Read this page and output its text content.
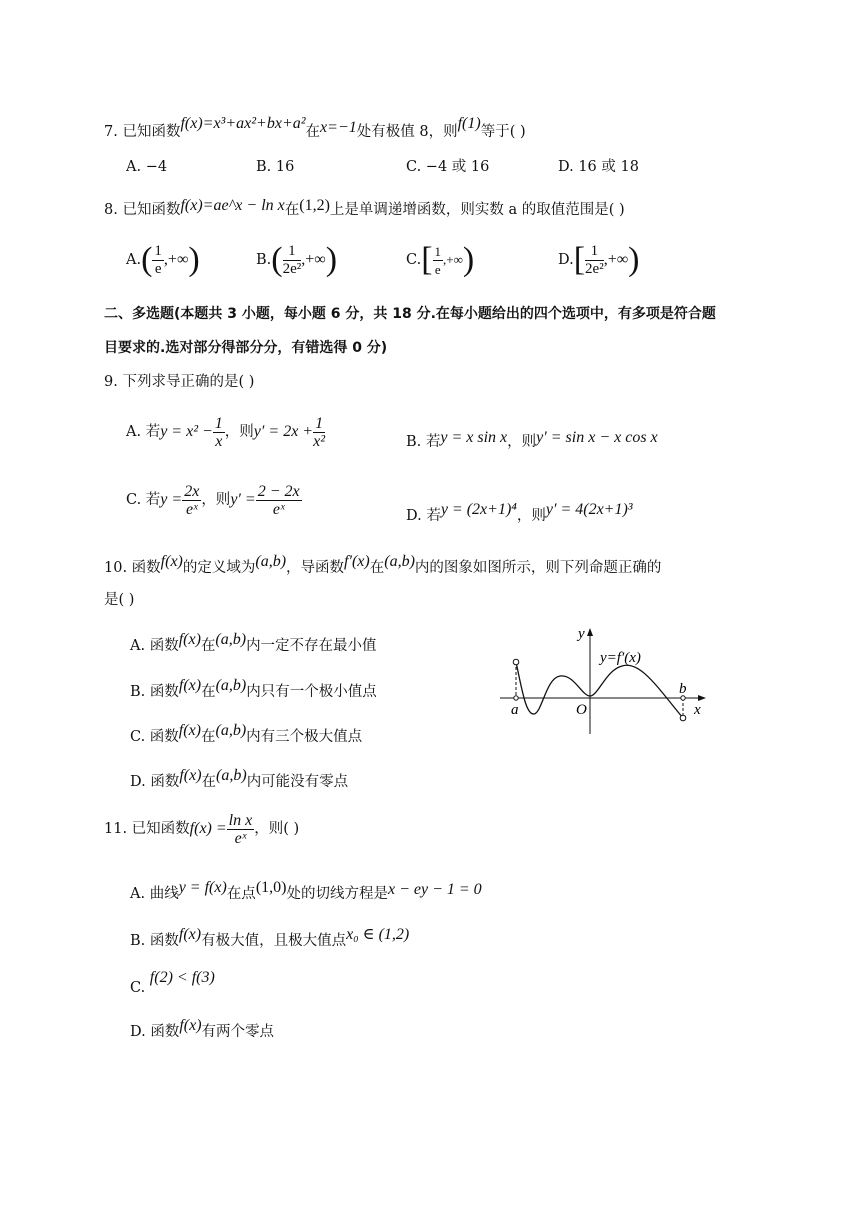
7. 已知函数f(x)=x³+ax²+bx+a²在x=−1处有极值 8，则f(1)等于( )
A. −4	B. 16	C. −4 或 16	D. 16 或 18
8. 已知函数f(x)=ae^x − ln x在(1,2)上是单调递增函数，则实数 a 的取值范围是( )
$A.( \frac{1}{e}$ ,+∞)	$B.( \frac{1}{\text{2e²}}$ ,+∞)	$C.[ \frac{1}{e}$ ,+∞)	$D.[ \frac{1}{\text{2e²}}$ ,+∞)
二、多选题(本题共 3 小题，每小题 6 分，共 18 分.在每小题给出的四个选项中，有多项是符合题
目要求的.选对部分得部分分，有错选得 0 分)
9. 下列求导正确的是( )
A. 若$y = x^2 - \frac{1}{x}$ ，则$y' = 2x + \frac{1}{\text{x²}}$	B. 若y = x sin x，则y′ = sin x − x cos x
C. 若$y = \frac{2x}{\text{eˣ}}$ ，则$y' = \frac{2 - 2x}{\text{eˣ}}$	D. 若y = (2x+1)⁴，则y′ = 4(2x+1)³
10. 函数f(x)的定义域为(a,b)，导函数f′(x)在(a,b)内的图象如图所示，则下列命题正确的
是( )
A. 函数f(x)在(a,b)内一定不存在最小值
B. 函数f(x)在(a,b)内只有一个极小值点
C. 函数f(x)在(a,b)内有三个极大值点
D. 函数f(x)在(a,b)内可能没有零点
y
x
O
a
b
y=f′(x)
11. 已知函数$f(x) = \frac{\text{ln x}}{\text{eˣ}}$ ，则( )
A. 曲线y = f(x)在点(1,0)处的切线方程是x − ey − 1 = 0
B. 函数f(x)有极大值，且极大值点x₀ ∈ (1,2)
C. f(2) < f(3)
D. 函数f(x)有两个零点
